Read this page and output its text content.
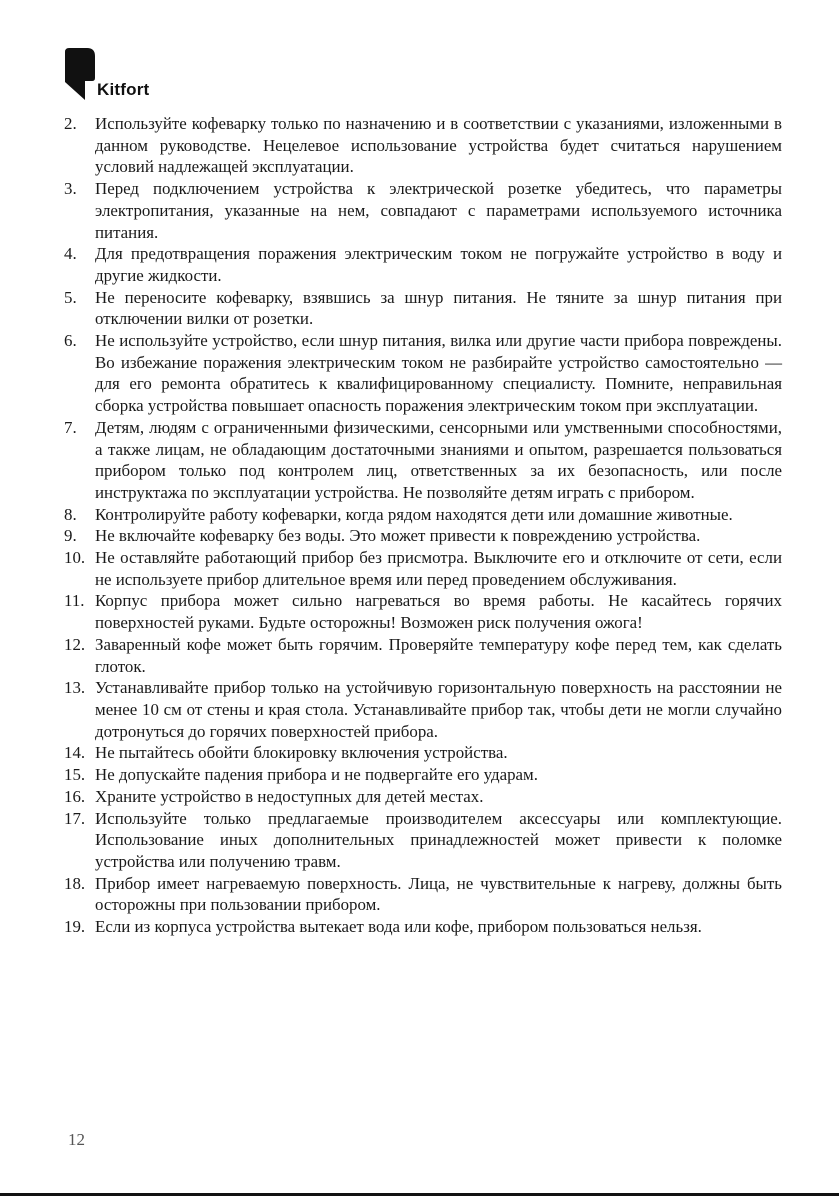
Kitfort
2.	Используйте кофеварку только по назначению и в соответствии с указаниями, изложенными в данном руководстве. Нецелевое использование устройства будет считаться нарушением условий надлежащей эксплуатации.
3.	Перед подключением устройства к электрической розетке убедитесь, что параметры электропитания, указанные на нем, совпадают с параметрами используемого источника питания.
4.	Для предотвращения поражения электрическим током не погружайте устройство в воду и другие жидкости.
5.	Не переносите кофеварку, взявшись за шнур питания. Не тяните за шнур питания при отключении вилки от розетки.
6.	Не используйте устройство, если шнур питания, вилка или другие части прибора повреждены. Во избежание поражения электрическим током не разбирайте устройство самостоятельно — для его ремонта обратитесь к квалифицированному специалисту. Помните, неправильная сборка устройства повышает опасность поражения электрическим током при эксплуатации.
7.	Детям, людям с ограниченными физическими, сенсорными или умственными способностями, а также лицам, не обладающим достаточными знаниями и опытом, разрешается пользоваться прибором только под контролем лиц, ответственных за их безопасность, или после инструктажа по эксплуатации устройства. Не позволяйте детям играть с прибором.
8.	Контролируйте работу кофеварки, когда рядом находятся дети или домашние животные.
9.	Не включайте кофеварку без воды. Это может привести к повреждению устройства.
10. Не оставляйте работающий прибор без присмотра. Выключите его и отключите от сети, если не используете прибор длительное время или перед проведением обслуживания.
11. Корпус прибора может сильно нагреваться во время работы. Не касайтесь горячих поверхностей руками. Будьте осторожны! Возможен риск получения ожога!
12. Заваренный кофе может быть горячим. Проверяйте температуру кофе перед тем, как сделать глоток.
13. Устанавливайте прибор только на устойчивую горизонтальную поверхность на расстоянии не менее 10 см от стены и края стола. Устанавливайте прибор так, чтобы дети не могли случайно дотронуться до горячих поверхностей прибора.
14. Не пытайтесь обойти блокировку включения устройства.
15. Не допускайте падения прибора и не подвергайте его ударам.
16. Храните устройство в недоступных для детей местах.
17. Используйте только предлагаемые производителем аксессуары или комплектующие. Использование иных дополнительных принадлежностей может привести к поломке устройства или получению травм.
18. Прибор имеет нагреваемую поверхность. Лица, не чувствительные к нагреву, должны быть осторожны при пользовании прибором.
19. Если из корпуса устройства вытекает вода или кофе, прибором пользоваться нельзя.
12
